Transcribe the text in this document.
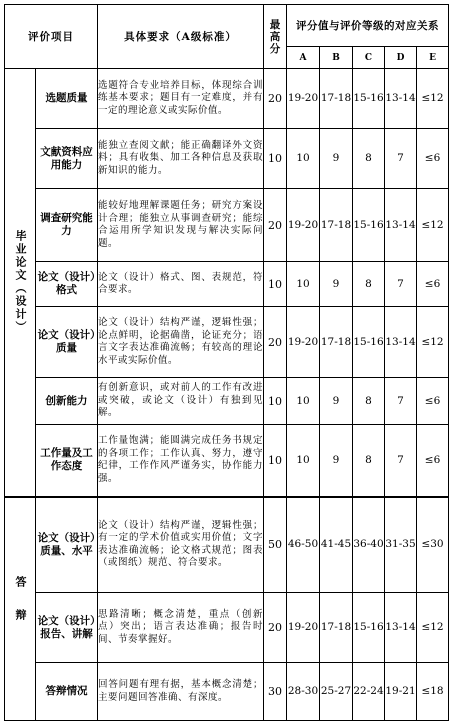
评价项目		具体要求（A级标准）	最高分	评分值与评价等级的对应关系				
				A	B	C	D	E

毕业论文（设计）	选题质量	选题符合专业培养目标，体现综合训练基本要求；题目有一定难度，并有一定的理论意义或实际价值。	20	19-20	17-18	15-16	13-14	≤12
	文献资料应用能力	能独立查阅文献；能正确翻译外文资料；具有收集、加工各种信息及获取新知识的能力。	10	10	9	8	7	≤6
	调查研究能力	能较好地理解课题任务；研究方案设计合理；能独立从事调查研究；能综合运用所学知识发现与解决实际问题。	20	19-20	17-18	15-16	13-14	≤12
	论文（设计）格式	论文（设计）格式、图、表规范，符合要求。	10	10	9	8	7	≤6
	论文（设计）质量	论文（设计）结构严谨，逻辑性强；论点鲜明，论据确凿，论证充分；语言文字表达准确流畅；有较高的理论水平或实际价值。	20	19-20	17-18	15-16	13-14	≤12
	创新能力	有创新意识，或对前人的工作有改进或突破，或论文（设计）有独到见解。	10	10	9	8	7	≤6
	工作量及工作态度	工作量饱满；能圆满完成任务书规定的各项工作；工作认真、努力，遵守纪律，工作作风严谨务实，协作能力强。	10	10	9	8	7	≤6

答辩	论文（设计）质量、水平	论文（设计）结构严谨，逻辑性强；有一定的学术价值或实用价值；文字表达准确流畅；论文格式规范；图表（或图纸）规范、符合要求。	50	46-50	41-45	36-40	31-35	≤30
	论文（设计）报告、讲解	思路清晰；概念清楚，重点（创新点）突出；语言表达准确；报告时间、节奏掌握好。	20	19-20	17-18	15-16	13-14	≤12
	答辩情况	回答问题有理有据，基本概念清楚；主要问题回答准确、有深度。	30	28-30	25-27	22-24	19-21	≤18
